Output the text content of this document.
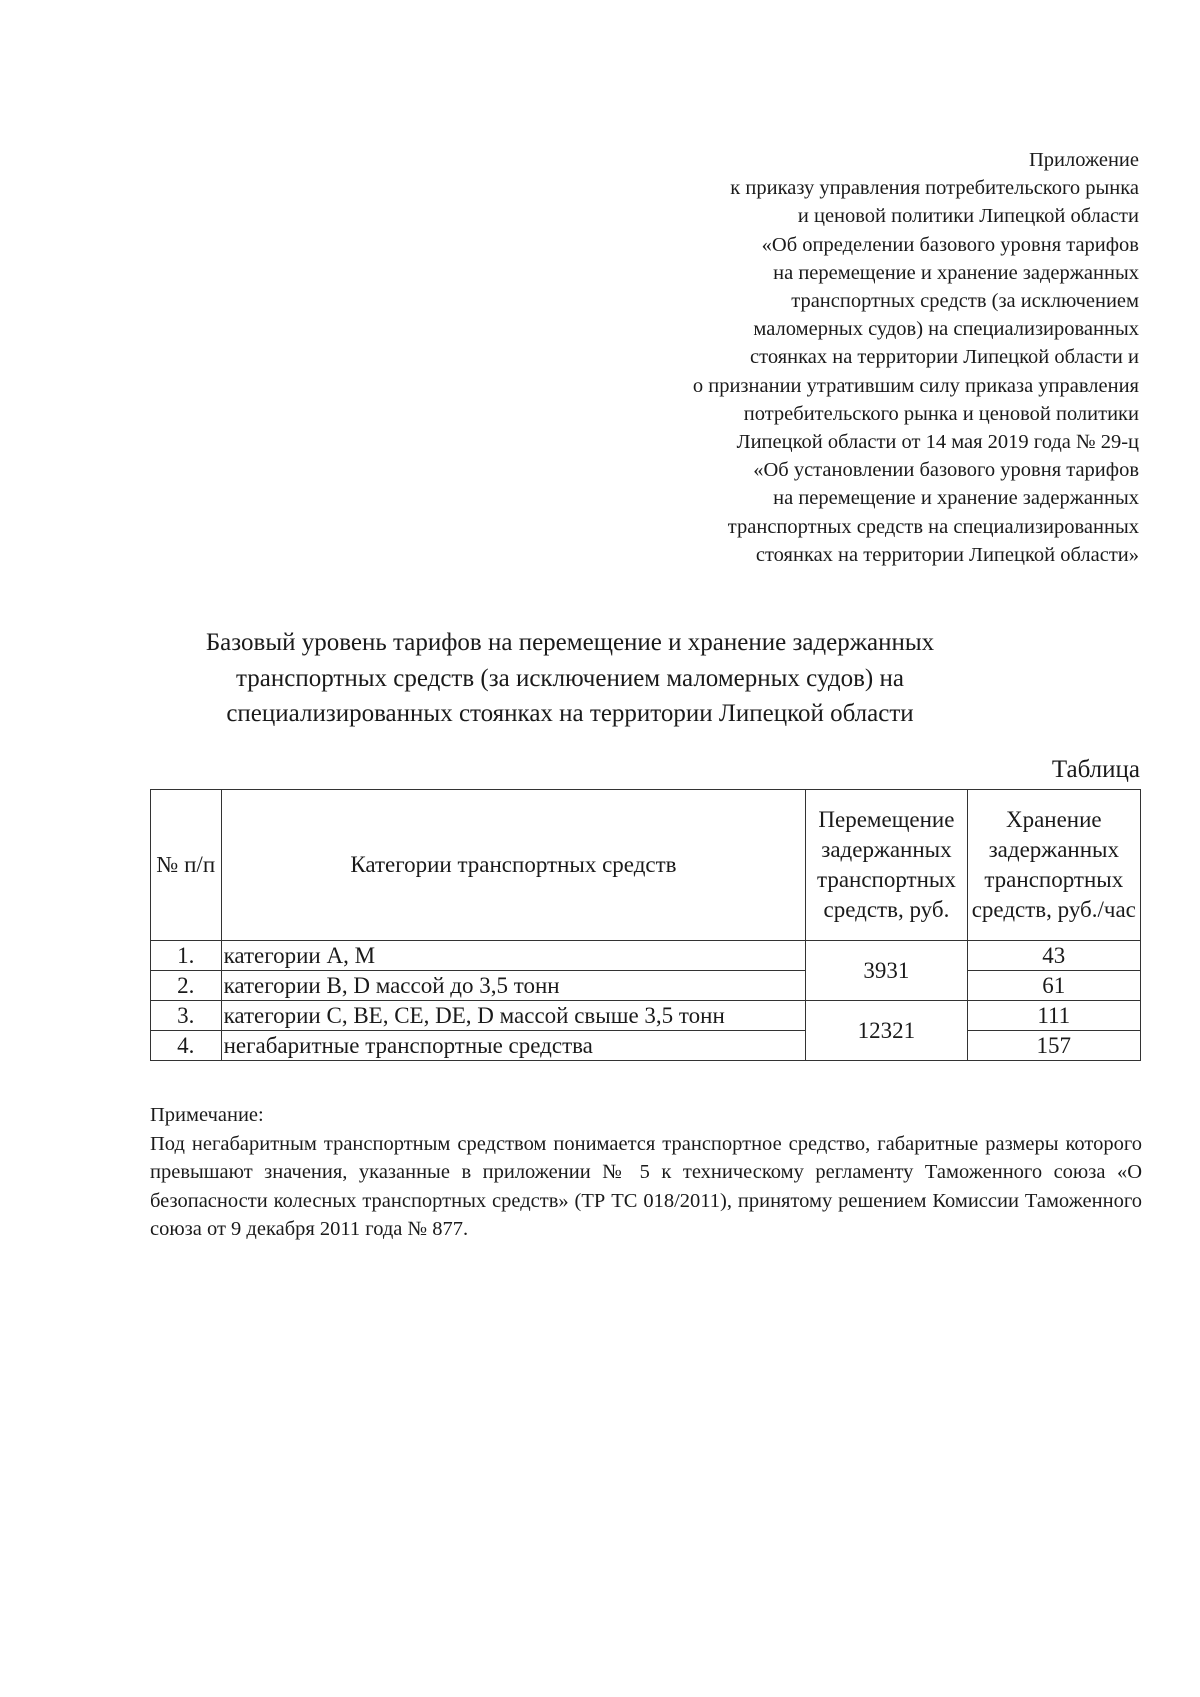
Приложение
к приказу управления потребительского рынка
и ценовой политики Липецкой области
«Об определении базового уровня тарифов
на перемещение и хранение задержанных
транспортных средств (за исключением
маломерных судов) на специализированных
стоянках на территории Липецкой области и
о признании утратившим силу приказа управления
потребительского рынка и ценовой политики
Липецкой области от 14 мая 2019 года № 29-ц
«Об установлении базового уровня тарифов
на перемещение и хранение задержанных
транспортных средств на специализированных
стоянках на территории Липецкой области»
Базовый уровень тарифов на перемещение и хранение задержанных
транспортных средств (за исключением маломерных судов) на
специализированных стоянках на территории Липецкой области
Таблица
№ п/п	Категории транспортных средств	Перемещение задержанных транспортных средств, руб.	Хранение задержанных транспортных средств, руб./час
1.	категории A, M	3931	43
2.	категории B, D массой до 3,5 тонн		61
3.	категории C, BE, CE, DE, D массой свыше 3,5 тонн	12321	111
4.	негабаритные транспортные средства		157
Примечание:
Под негабаритным транспортным средством понимается транспортное средство, габаритные размеры которого превышают значения, указанные в приложении № 5 к техническому регламенту Таможенного союза «О безопасности колесных транспортных средств» (ТР ТС 018/2011), принятому решением Комиссии Таможенного союза от 9 декабря 2011 года № 877.
